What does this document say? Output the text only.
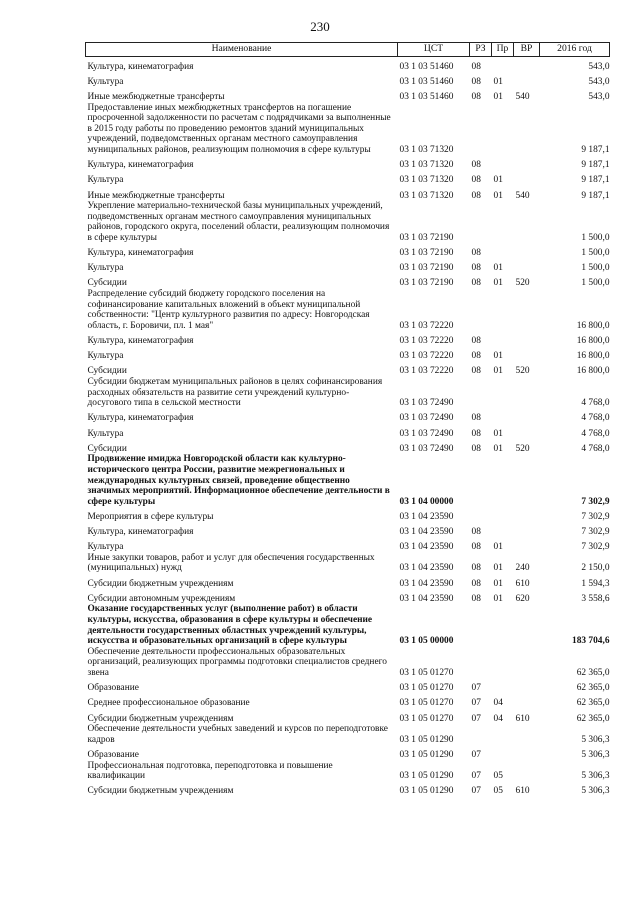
230
Наименование	ЦСТ	РЗ	Пр	ВР	2016 год
Культура, кинематография	03 1 03 51460	08			543,0
Культура	03 1 03 51460	08	01		543,0
Иные межбюджетные трансферты	03 1 03 51460	08	01	540	543,0
Предоставление иных межбюджетных трансфертов на погашение просроченной задолженности по расчетам с подрядчиками за выполненные в 2015 году работы по проведению ремонтов зданий муниципальных учреждений, подведомственных органам местного самоуправления муниципальных районов, реализующим полномочия в сфере культуры	03 1 03 71320				9 187,1
Культура, кинематография	03 1 03 71320	08			9 187,1
Культура	03 1 03 71320	08	01		9 187,1
Иные межбюджетные трансферты	03 1 03 71320	08	01	540	9 187,1
Укрепление материально-технической базы муниципальных учреждений, подведомственных органам местного самоуправления муниципальных районов, городского округа, поселений области, реализующим полномочия в сфере культуры	03 1 03 72190				1 500,0
Культура, кинематография	03 1 03 72190	08			1 500,0
Культура	03 1 03 72190	08	01		1 500,0
Субсидии	03 1 03 72190	08	01	520	1 500,0
Распределение субсидий бюджету городского поселения на софинансирование капитальных вложений в объект муниципальной собственности: "Центр культурного развития по адресу: Новгородская область, г. Боровичи, пл. 1 мая"	03 1 03 72220				16 800,0
Культура, кинематография	03 1 03 72220	08			16 800,0
Культура	03 1 03 72220	08	01		16 800,0
Субсидии	03 1 03 72220	08	01	520	16 800,0
Субсидии бюджетам муниципальных районов в целях софинансирования расходных обязательств на развитие сети учреждений культурно-досугового типа в сельской местности	03 1 03 72490				4 768,0
Культура, кинематография	03 1 03 72490	08			4 768,0
Культура	03 1 03 72490	08	01		4 768,0
Субсидии	03 1 03 72490	08	01	520	4 768,0
Продвижение имиджа Новгородской области как культурно-исторического центра России, развитие межрегиональных и международных культурных связей, проведение общественно значимых мероприятий. Информационное обеспечение деятельности в сфере культуры	03 1 04 00000				7 302,9
Мероприятия в сфере культуры	03 1 04 23590				7 302,9
Культура, кинематография	03 1 04 23590	08			7 302,9
Культура	03 1 04 23590	08	01		7 302,9
Иные закупки товаров, работ и услуг для обеспечения государственных (муниципальных) нужд	03 1 04 23590	08	01	240	2 150,0
Субсидии бюджетным учреждениям	03 1 04 23590	08	01	610	1 594,3
Субсидии автономным учреждениям	03 1 04 23590	08	01	620	3 558,6
Оказание государственных услуг (выполнение работ) в области культуры, искусства, образования в сфере культуры и обеспечение деятельности государственных областных учреждений культуры, искусства и образовательных организаций в сфере культуры	03 1 05 00000				183 704,6
Обеспечение деятельности профессиональных образовательных организаций, реализующих программы подготовки специалистов среднего звена	03 1 05 01270				62 365,0
Образование	03 1 05 01270	07			62 365,0
Среднее профессиональное образование	03 1 05 01270	07	04		62 365,0
Субсидии бюджетным учреждениям	03 1 05 01270	07	04	610	62 365,0
Обеспечение деятельности учебных заведений и курсов по переподготовке кадров	03 1 05 01290				5 306,3
Образование	03 1 05 01290	07			5 306,3
Профессиональная подготовка, переподготовка и повышение квалификации	03 1 05 01290	07	05		5 306,3
Субсидии бюджетным учреждениям	03 1 05 01290	07	05	610	5 306,3
